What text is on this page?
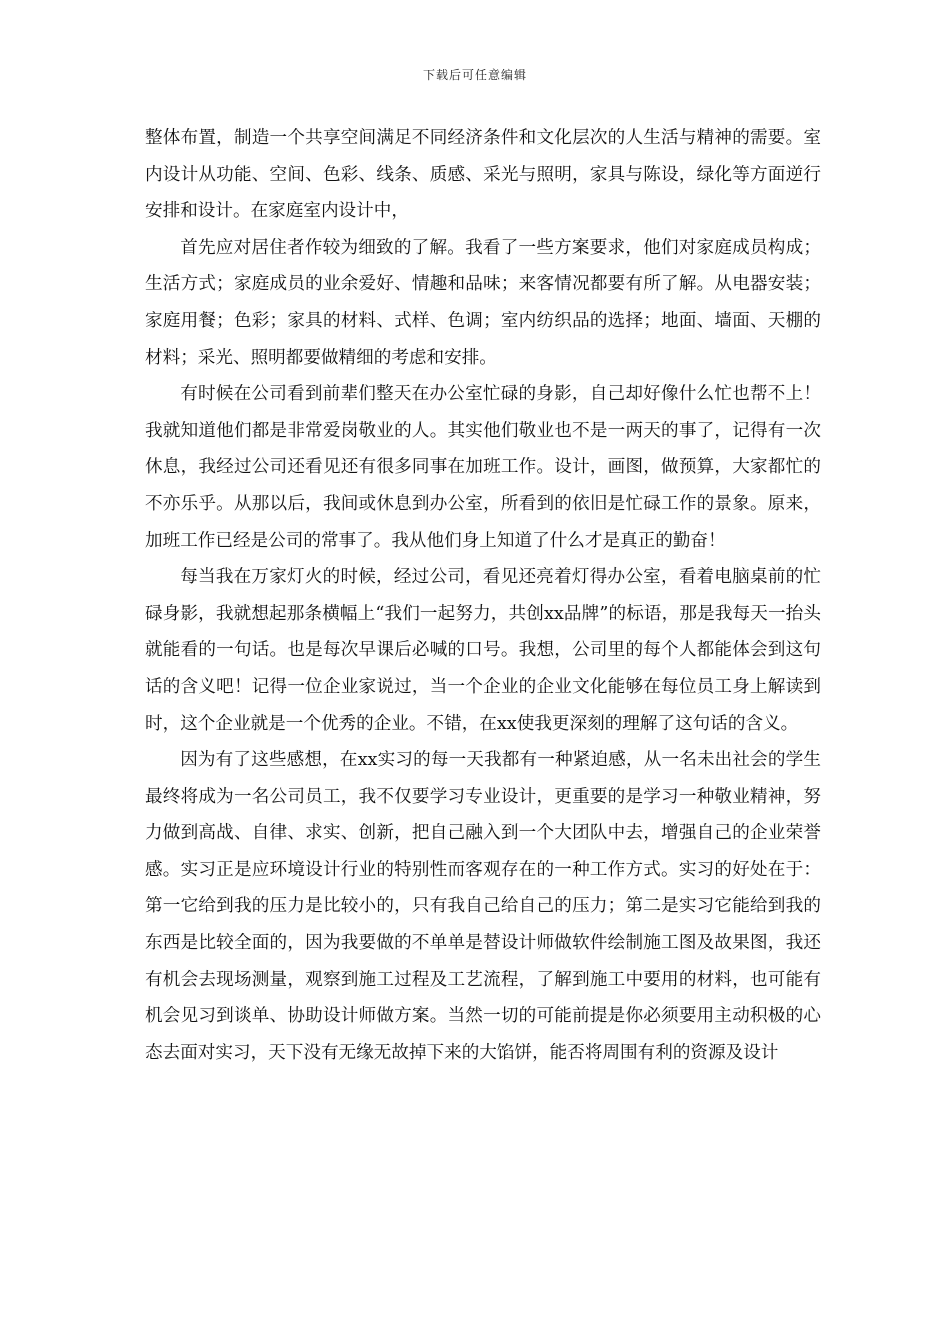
下载后可任意编辑

整体布置，制造一个共享空间满足不同经济条件和文化层次的人生活与精神的需要。室内设计从功能、空间、色彩、线条、质感、采光与照明，家具与陈设，绿化等方面逆行安排和设计。在家庭室内设计中，

首先应对居住者作较为细致的了解。我看了一些方案要求，他们对家庭成员构成；生活方式；家庭成员的业余爱好、情趣和品味；来客情况都要有所了解。从电器安装；家庭用餐；色彩；家具的材料、式样、色调；室内纺织品的选择；地面、墙面、天棚的材料；采光、照明都要做精细的考虑和安排。

有时候在公司看到前辈们整天在办公室忙碌的身影，自己却好像什么忙也帮不上！我就知道他们都是非常爱岗敬业的人。其实他们敬业也不是一两天的事了，记得有一次休息，我经过公司还看见还有很多同事在加班工作。设计，画图，做预算，大家都忙的不亦乐乎。从那以后，我间或休息到办公室，所看到的依旧是忙碌工作的景象。原来，加班工作已经是公司的常事了。我从他们身上知道了什么才是真正的勤奋！

每当我在万家灯火的时候，经过公司，看见还亮着灯得办公室，看着电脑桌前的忙碌身影，我就想起那条横幅上“我们一起努力，共创xx品牌”的标语，那是我每天一抬头就能看的一句话。也是每次早课后必喊的口号。我想，公司里的每个人都能体会到这句话的含义吧！记得一位企业家说过，当一个企业的企业文化能够在每位员工身上解读到时，这个企业就是一个优秀的企业。不错，在xx使我更深刻的理解了这句话的含义。

因为有了这些感想，在xx实习的每一天我都有一种紧迫感，从一名未出社会的学生最终将成为一名公司员工，我不仅要学习专业设计，更重要的是学习一种敬业精神，努力做到高战、自律、求实、创新，把自己融入到一个大团队中去，增强自己的企业荣誉感。实习正是应环境设计行业的特别性而客观存在的一种工作方式。实习的好处在于：第一它给到我的压力是比较小的，只有我自己给自己的压力；第二是实习它能给到我的东西是比较全面的，因为我要做的不单单是替设计师做软件绘制施工图及故果图，我还有机会去现场测量，观察到施工过程及工艺流程，了解到施工中要用的材料，也可能有机会见习到谈单、协助设计师做方案。当然一切的可能前提是你必须要用主动积极的心态去面对实习，天下没有无缘无故掉下来的大馅饼，能否将周围有利的资源及设计
